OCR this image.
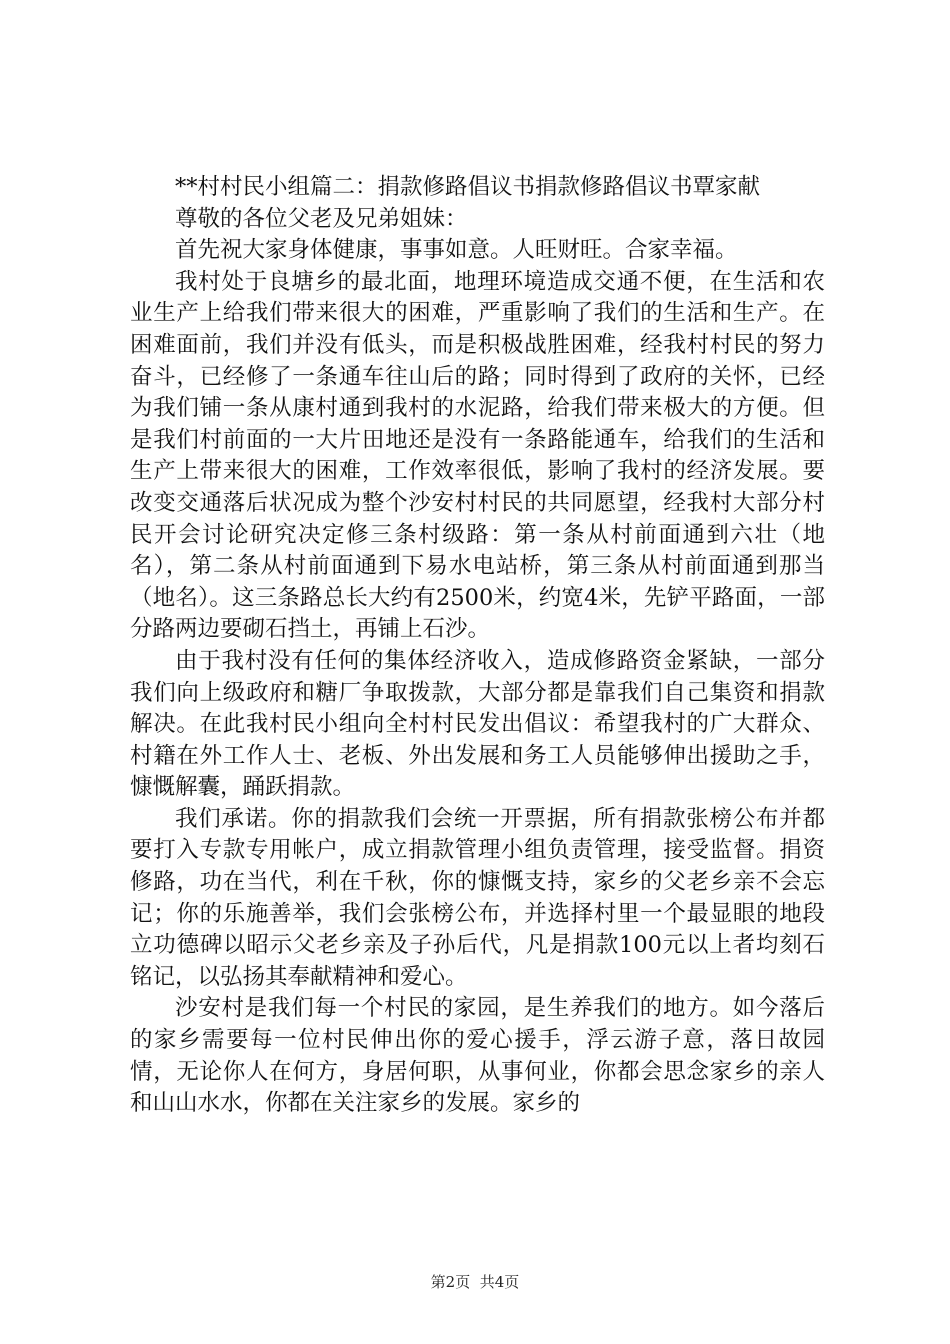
**村村民小组篇二：捐款修路倡议书捐款修路倡议书覃家献

尊敬的各位父老及兄弟姐妹：

首先祝大家身体健康，事事如意。人旺财旺。合家幸福。

我村处于良塘乡的最北面，地理环境造成交通不便，在生活和农业生产上给我们带来很大的困难，严重影响了我们的生活和生产。在困难面前，我们并没有低头，而是积极战胜困难，经我村村民的努力奋斗，已经修了一条通车往山后的路；同时得到了政府的关怀，已经为我们铺一条从康村通到我村的水泥路，给我们带来极大的方便。但是我们村前面的一大片田地还是没有一条路能通车，给我们的生活和生产上带来很大的困难，工作效率很低，影响了我村的经济发展。要改变交通落后状况成为整个沙安村村民的共同愿望，经我村大部分村民开会讨论研究决定修三条村级路：第一条从村前面通到六壮（地名），第二条从村前面通到下易水电站桥，第三条从村前面通到那当（地名）。这三条路总长大约有2500米，约宽4米，先铲平路面，一部分路两边要砌石挡土，再铺上石沙。

由于我村没有任何的集体经济收入，造成修路资金紧缺，一部分我们向上级政府和糖厂争取拨款，大部分都是靠我们自己集资和捐款解决。在此我村民小组向全村村民发出倡议：希望我村的广大群众、村籍在外工作人士、老板、外出发展和务工人员能够伸出援助之手，慷慨解囊，踊跃捐款。

我们承诺。你的捐款我们会统一开票据，所有捐款张榜公布并都要打入专款专用帐户，成立捐款管理小组负责管理，接受监督。捐资修路，功在当代，利在千秋，你的慷慨支持，家乡的父老乡亲不会忘记；你的乐施善举，我们会张榜公布，并选择村里一个最显眼的地段立功德碑以昭示父老乡亲及子孙后代，凡是捐款100元以上者均刻石铭记，以弘扬其奉献精神和爱心。

沙安村是我们每一个村民的家园，是生养我们的地方。如今落后的家乡需要每一位村民伸出你的爱心援手，浮云游子意，落日故园情，无论你人在何方，身居何职，从事何业，你都会思念家乡的亲人和山山水水，你都在关注家乡的发展。家乡的

第2页 共4页
